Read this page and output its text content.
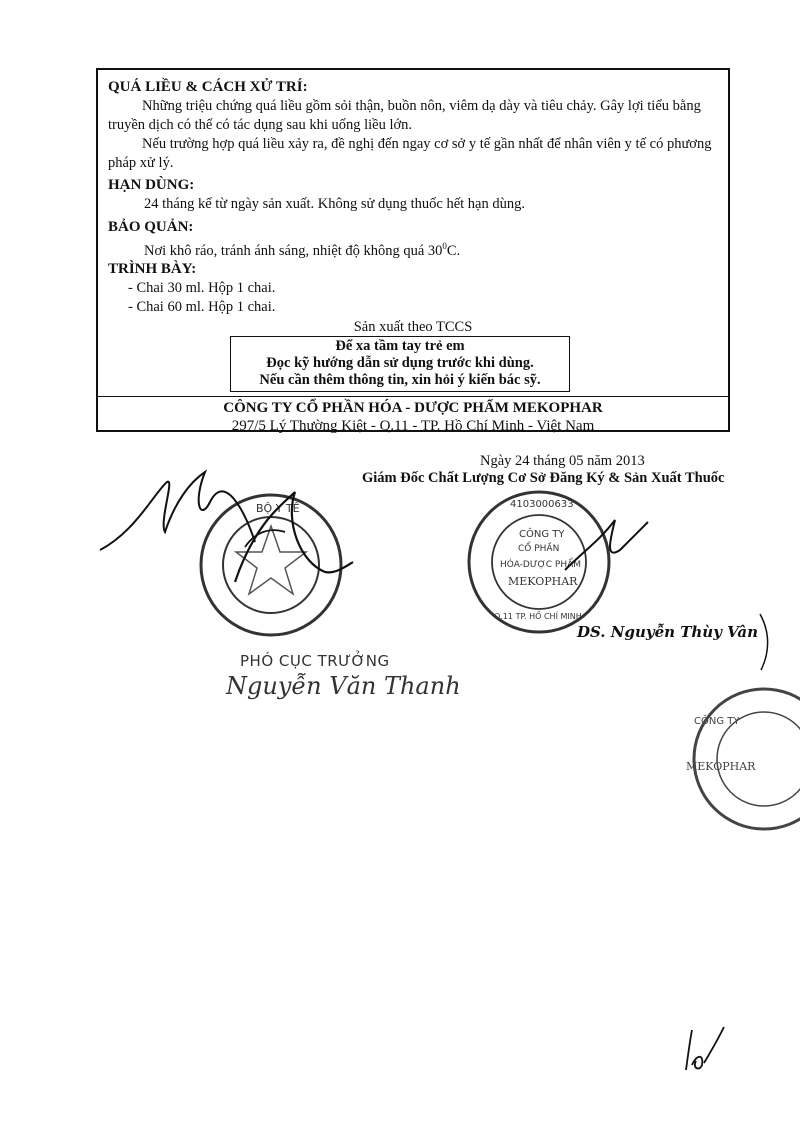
QUÁ LIỀU & CÁCH XỬ TRÍ:
Những triệu chứng quá liều gồm sỏi thận, buồn nôn, viêm dạ dày và tiêu chảy. Gây lợi tiểu bằng truyền dịch có thể có tác dụng sau khi uống liều lớn.
Nếu trường hợp quá liều xảy ra, đề nghị đến ngay cơ sở y tế gần nhất để nhân viên y tế có phương pháp xử lý.
HẠN DÙNG:
24 tháng kể từ ngày sản xuất. Không sử dụng thuốc hết hạn dùng.
BẢO QUẢN:
Nơi khô ráo, tránh ánh sáng, nhiệt độ không quá $30^0C$.
TRÌNH BÀY:
- Chai 30 ml. Hộp 1 chai.
- Chai 60 ml. Hộp 1 chai.
Sản xuất theo TCCS
Để xa tầm tay trẻ em
Đọc kỹ hướng dẫn sử dụng trước khi dùng.
Nếu cần thêm thông tin, xin hỏi ý kiến bác sỹ.
CÔNG TY CỔ PHẦN HÓA - DƯỢC PHẨM MEKOPHAR
297/5 Lý Thường Kiệt - Q.11 - TP. Hồ Chí Minh - Việt Nam
Ngày 24 tháng 05 năm 2013
Giám Đốc Chất Lượng Cơ Sở Đăng Ký & Sản Xuất Thuốc
BỘ Y TẾ	4103000633
CÔNG TY
CỔ PHẦN
HÓA-DƯỢC PHẨM
MEKOPHAR
Q.11 TP. HỒ CHÍ MINH
DS. Nguyễn Thùy Vân
PHÓ CỤC TRƯỞNG
Nguyễn Văn Thanh
CÔNG TY
MEKOPHAR
